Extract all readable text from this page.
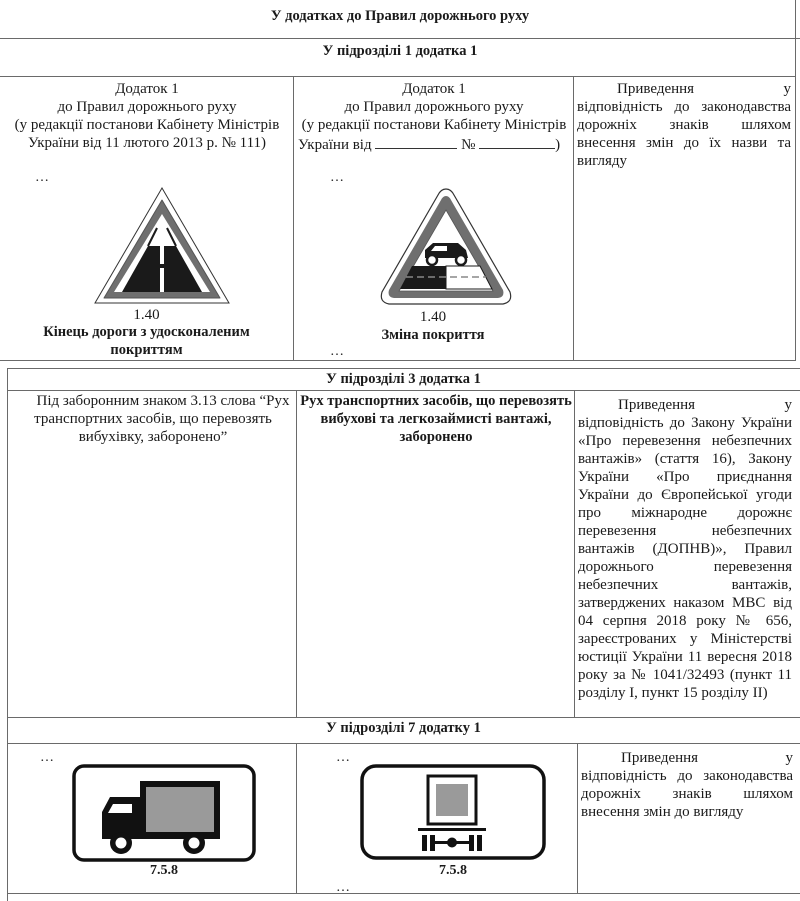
У додатках до Правил дорожнього руху
У підрозділі 1 додатка 1
Додаток 1
до Правил дорожнього руху
(у редакції постанови Кабінету Міністрів
України від 11 лютого 2013 р. № 111)
…
1.40
Кінець дороги з удосконаленим покриттям
Додаток 1
до Правил дорожнього руху
(у редакції постанови Кабінету Міністрів
України від	№	)
…
1.40
Зміна покриття
…
Приведення у відповідність до законодавства дорожніх знаків шляхом внесення змін до їх назви та вигляду
У підрозділі 3 додатка 1
Під заборонним знаком 3.13 слова “Рух транспортних засобів, що перевозять вибухівку, заборонено”
Рух транспортних засобів, що перевозять вибухові та легкозаймисті вантажі, заборонено
Приведення у відповідність до Закону України «Про перевезення небезпечних вантажів» (стаття 16), Закону України «Про приєднання України до Європейської угоди про міжнародне дорожнє перевезення небезпечних вантажів (ДОПНВ)», Правил дорожнього перевезення небезпечних вантажів, затверджених наказом МВС від 04 серпня 2018 року № 656, зареєстрованих у Міністерстві юстиції України 11 вересня 2018 року за № 1041/32493 (пункт 11 розділу I, пункт 15 розділу II)
У підрозділі 7 додатку 1
…
7.5.8
…
7.5.8
…
Приведення у відповідність до законодавства дорожніх знаків шляхом внесення змін до вигляду
